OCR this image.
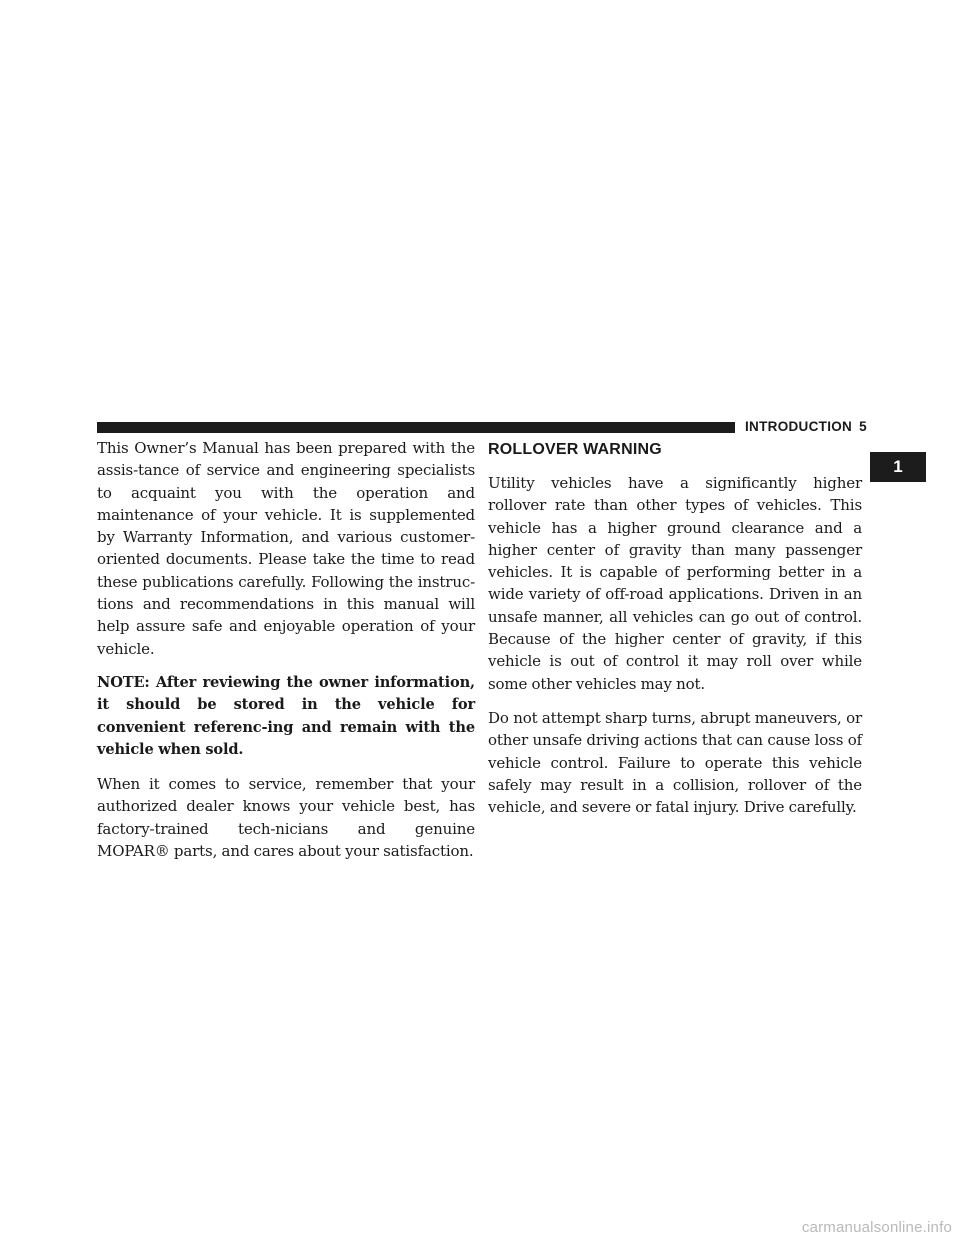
INTRODUCTION 5
1

This Owner’s Manual has been prepared with the assis-tance of service and engineering specialists to acquaint you with the operation and maintenance of your vehicle. It is supplemented by Warranty Information, and various customer-oriented documents. Please take the time to read these publications carefully. Following the instruc-tions and recommendations in this manual will help assure safe and enjoyable operation of your vehicle.

NOTE: After reviewing the owner information, it should be stored in the vehicle for convenient referenc-ing and remain with the vehicle when sold.

When it comes to service, remember that your authorized dealer knows your vehicle best, has factory-trained tech-nicians and genuine MOPAR® parts, and cares about your satisfaction.

ROLLOVER WARNING

Utility vehicles have a significantly higher rollover rate than other types of vehicles. This vehicle has a higher ground clearance and a higher center of gravity than many passenger vehicles. It is capable of performing better in a wide variety of off-road applications. Driven in an unsafe manner, all vehicles can go out of control. Because of the higher center of gravity, if this vehicle is out of control it may roll over while some other vehicles may not.

Do not attempt sharp turns, abrupt maneuvers, or other unsafe driving actions that can cause loss of vehicle control. Failure to operate this vehicle safely may result in a collision, rollover of the vehicle, and severe or fatal injury. Drive carefully.

carmanualsonline.info
